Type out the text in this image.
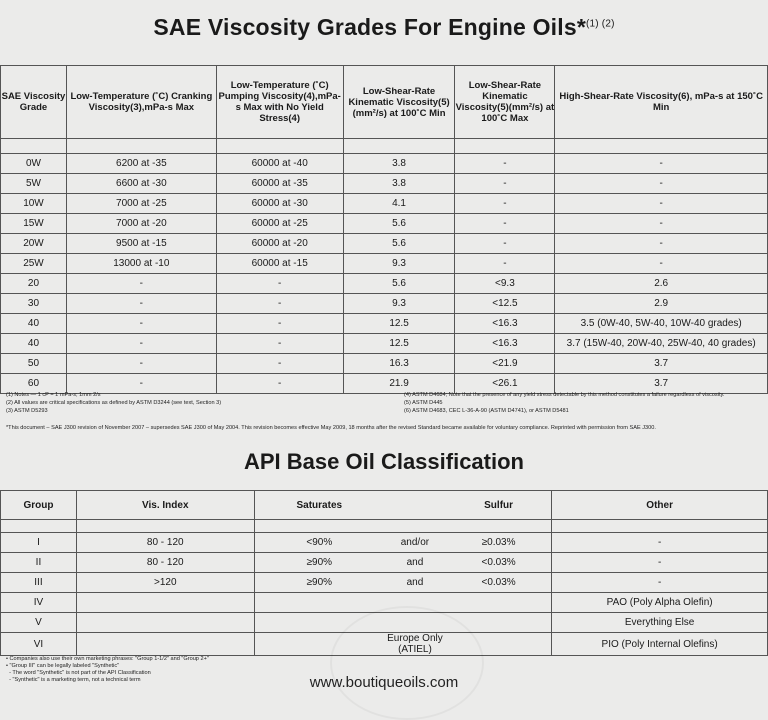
SAE Viscosity Grades For Engine Oils*$^{(1) (2)}$
SAE Viscosity Grade	Low-Temperature (˚C) Cranking Viscosity(3),mPa-s Max	Low-Temperature (˚C) Pumping Viscosity(4),mPa-s Max with No Yield Stress(4)	Low-Shear-Rate Kinematic Viscosity(5)(mm²/s) at 100˚C Min	Low-Shear-Rate Kinematic Viscosity(5)(mm²/s) at 100˚C Max	High-Shear-Rate Viscosity(6), mPa-s at 150˚C Min

0W	6200 at -35	60000 at -40	3.8	-	-
5W	6600 at -30	60000 at -35	3.8	-	-
10W	7000 at -25	60000 at -30	4.1	-	-
15W	7000 at -20	60000 at -25	5.6	-	-
20W	9500 at -15	60000 at -20	5.6	-	-
25W	13000 at -10	60000 at -15	9.3	-	-
20	-	-	5.6	<9.3	2.6
30	-	-	9.3	<12.5	2.9
40	-	-	12.5	<16.3	3.5 (0W-40, 5W-40, 10W-40 grades)
40	-	-	12.5	<16.3	3.7 (15W-40, 20W-40, 25W-40, 40 grades)
50	-	-	16.3	<21.9	3.7
60	-	-	21.9	<26.1	3.7
(1) Notes — 1 cP = 1 mPa-s; 1mm 2/s
(2) All values are critical specifications as defined by ASTM D3244 (see text, Section 3)
(3) ASTM D5293
(4) ASTM D4684; Note that the presence of any yield stress detectable by this method constitutes a failure regardless of viscosity.
(5) ASTM D445
(6) ASTM D4683, CEC L-36-A-90 (ASTM D4741), or ASTM D5481
*This document – SAE J300 revision of November 2007 – supersedes SAE J300 of May 2004. This revision becomes effective May 2009, 18 months after the revised Standard became available for voluntary compliance. Reprinted with permission from SAE J300.
API Base Oil Classification
Group	Vis. Index	Saturates		Sulfur	Other

I	80 - 120	<90%	and/or	≥0.03%	-
II	80 - 120	≥90%	and	<0.03%	-
III	>120	≥90%	and	<0.03%	-
IV					PAO (Poly Alpha Olefin)
V					Everything Else
VI			Europe Only (ATIEL)		PIO (Poly Internal Olefins)
• Companies also use their own marketing phrases: "Group 1-1/2" and "Group 2+"
• "Group III" can be legally labeled "Synthetic"
- The word "Synthetic" is not part of the API Classification
- "Synthetic" is a marketing term, not a technical term	www.boutiqueoils.com
